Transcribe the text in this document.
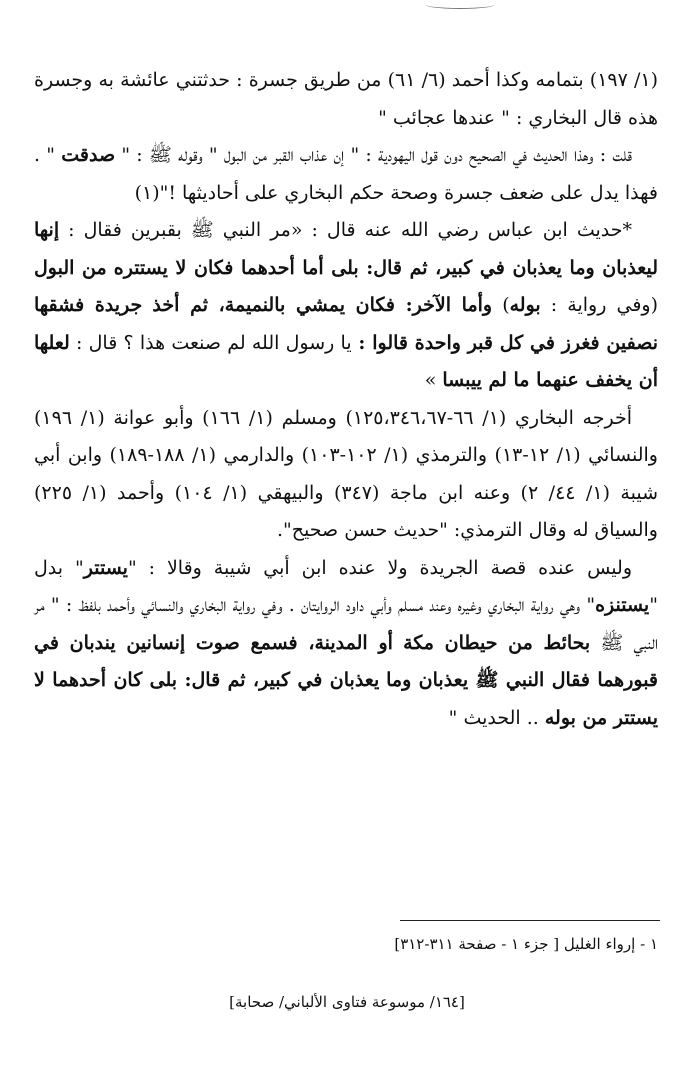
(١/ ١٩٧) بتمامه وكذا أحمد (٦/ ٦١) من طريق جسرة : حدثتني عائشة به وجسرة هذه قال البخاري : " عندها عجائب "

قلت : وهذا الحديث في الصحيح دون قول اليهودية : " إن عذاب القبر من البول " وقوله ﷺ : " صدقت " . فهذا يدل على ضعف جسرة وصحة حكم البخاري على أحاديثها !"(١)

*حديث ابن عباس رضي الله عنه قال : «مر النبي ﷺ بقبرين فقال : إنها ليعذبان وما يعذبان في كبير، ثم قال: بلى أما أحدهما فكان لا يستتره من البول (وفي رواية : بوله) وأما الآخر: فكان يمشي بالنميمة، ثم أخذ جريدة فشقها نصفين فغرز في كل قبر واحدة قالوا : يا رسول الله لم صنعت هذا ؟ قال : لعلها أن يخفف عنهما ما لم ييبسا »

أخرجه البخاري (١/ ٦٦-١٢٥،٣٤٦،٦٧) ومسلم (١/ ١٦٦) وأبو عوانة (١/ ١٩٦) والنسائي (١/ ١٢-١٣) والترمذي (١/ ١٠٢-١٠٣) والدارمي (١/ ١٨٨-١٨٩) وابن أبي شيبة (١/ ٤٤/ ٢) وعنه ابن ماجة (٣٤٧) والبيهقي (١/ ١٠٤) وأحمد (١/ ٢٢٥) والسياق له وقال الترمذي: "حديث حسن صحيح".

وليس عنده قصة الجريدة ولا عنده ابن أبي شيبة وقالا : "يستتر" بدل "يستنزه" وهي رواية البخاري وغيره وعند مسلم وأبي داود الروايتان . وفي رواية البخاري والنسائي وأحمد بلفظ : " مر النبي ﷺ بحائط من حيطان مكة أو المدينة، فسمع صوت إنسانين يندبان في قبورهما فقال النبي ﷺ يعذبان وما يعذبان في كبير، ثم قال: بلى كان أحدهما لا يستتر من بوله .. الحديث "

١ - إرواء الغليل [ جزء ١ - صفحة ٣١١-٣١٢]
[١٦٤/ موسوعة فتاوى الألباني/ صحابة]
